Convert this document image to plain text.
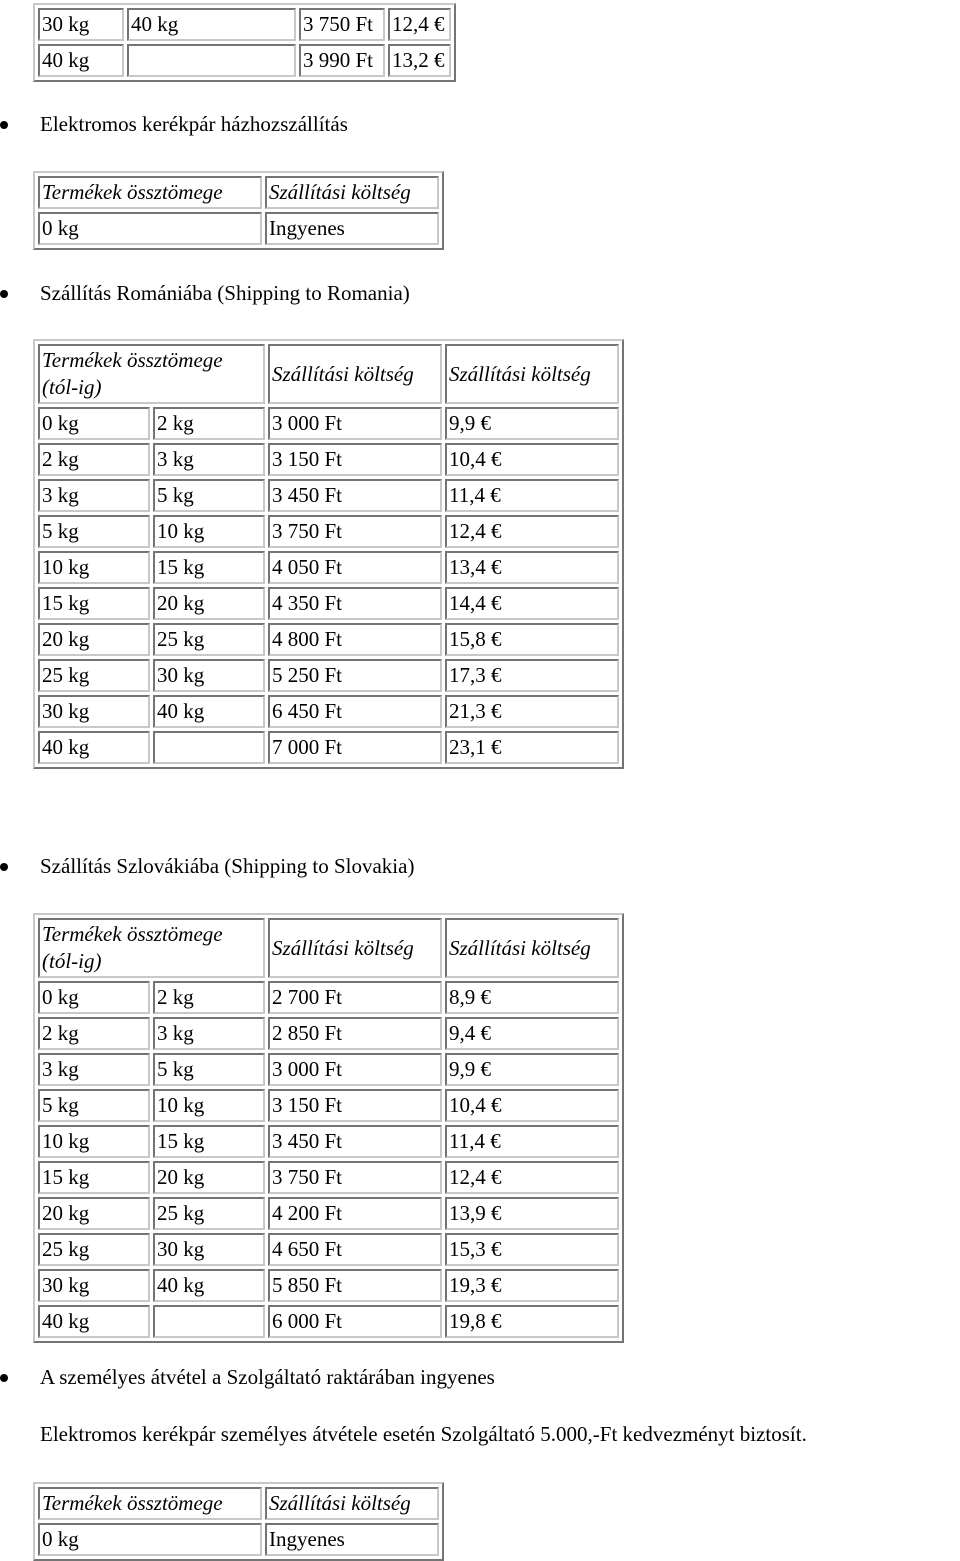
30 kg	40 kg	3 750 Ft	12,4 €
40 kg		3 990 Ft	13,2 €
Elektromos kerékpár házhozszállítás
Termékek össztömege	Szállítási költség
0 kg	Ingyenes
Szállítás Romániába (Shipping to Romania)
Termékek össztömege (tól-ig)		Szállítási költség	Szállítási költség
0 kg	2 kg	3 000 Ft	9,9 €
2 kg	3 kg	3 150 Ft	10,4 €
3 kg	5 kg	3 450 Ft	11,4 €
5 kg	10 kg	3 750 Ft	12,4 €
10 kg	15 kg	4 050 Ft	13,4 €
15 kg	20 kg	4 350 Ft	14,4 €
20 kg	25 kg	4 800 Ft	15,8 €
25 kg	30 kg	5 250 Ft	17,3 €
30 kg	40 kg	6 450 Ft	21,3 €
40 kg		7 000 Ft	23,1 €
Szállítás Szlovákiába (Shipping to Slovakia)
Termékek össztömege (tól-ig)		Szállítási költség	Szállítási költség
0 kg	2 kg	2 700 Ft	8,9 €
2 kg	3 kg	2 850 Ft	9,4 €
3 kg	5 kg	3 000 Ft	9,9 €
5 kg	10 kg	3 150 Ft	10,4 €
10 kg	15 kg	3 450 Ft	11,4 €
15 kg	20 kg	3 750 Ft	12,4 €
20 kg	25 kg	4 200 Ft	13,9 €
25 kg	30 kg	4 650 Ft	15,3 €
30 kg	40 kg	5 850 Ft	19,3 €
40 kg		6 000 Ft	19,8 €
A személyes átvétel a Szolgáltató raktárában ingyenes
Elektromos kerékpár személyes átvétele esetén Szolgáltató 5.000,-Ft kedvezményt biztosít.
Termékek össztömege	Szállítási költség
0 kg	Ingyenes
